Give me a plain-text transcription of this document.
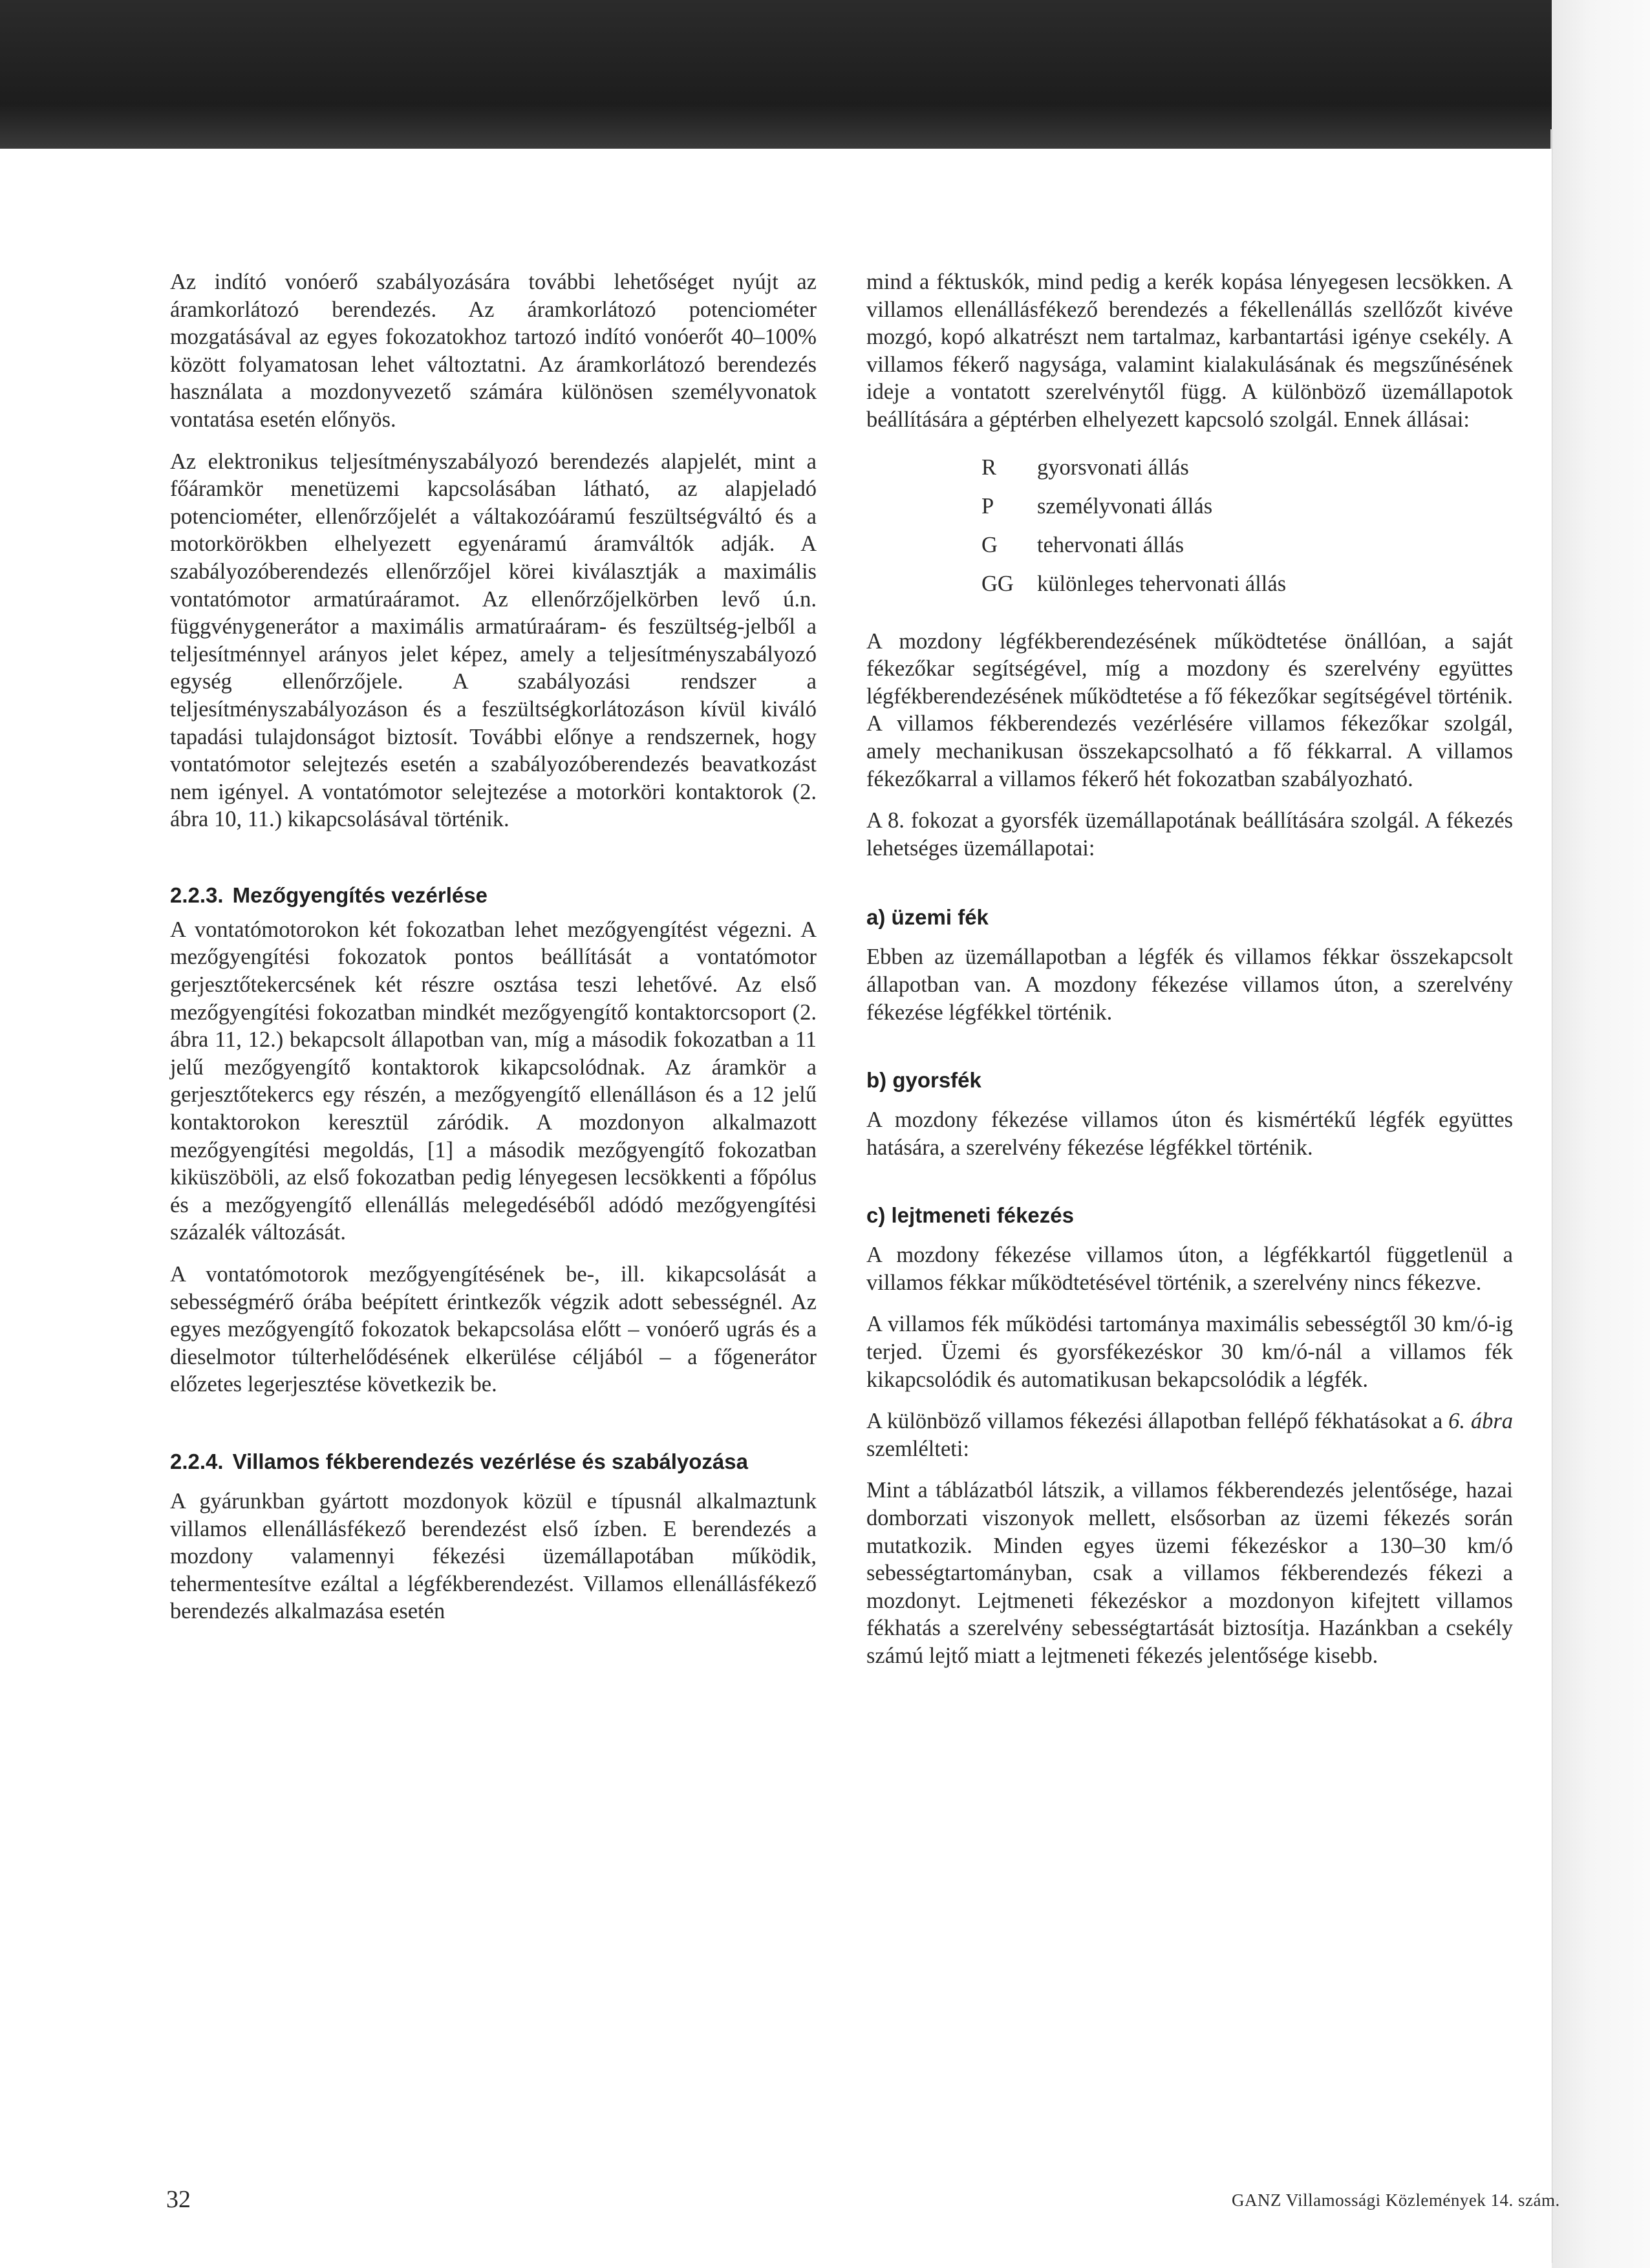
Az indító vonóerő szabályozására további lehetőséget nyújt az áramkorlátozó berendezés. Az áramkorlátozó potenciométer mozgatásával az egyes fokozatokhoz tartozó indító vonóerőt 40–100% között folyamatosan lehet változtatni. Az áramkorlátozó berendezés használata a mozdonyvezető számára különösen személyvonatok vontatása esetén előnyös.

Az elektronikus teljesítményszabályozó berendezés alapjelét, mint a főáramkör menetüzemi kapcsolásában látható, az alapjeladó potenciométer, ellenőrzőjelét a váltakozóáramú feszültségváltó és a motorkörökben elhelyezett egyenáramú áramváltók adják. A szabályozóberendezés ellenőrzőjel körei kiválasztják a maximális vontatómotor armatúraáramot. Az ellenőrzőjelkörben levő ú.n. függvénygenerátor a maximális armatúraáram- és feszültség-jelből a teljesítménnyel arányos jelet képez, amely a teljesítményszabályozó egység ellenőrzőjele. A szabályozási rendszer a teljesítményszabályozáson és a feszültségkorlátozáson kívül kiváló tapadási tulajdonságot biztosít. További előnye a rendszernek, hogy vontatómotor selejtezés esetén a szabályozóberendezés beavatkozást nem igényel. A vontatómotor selejtezése a motorköri kontaktorok (2. ábra 10, 11.) kikapcsolásával történik.

2.2.3. Mezőgyengítés vezérlése

A vontatómotorokon két fokozatban lehet mezőgyengítést végezni. A mezőgyengítési fokozatok pontos beállítását a vontatómotor gerjesztőtekercsének két részre osztása teszi lehetővé. Az első mezőgyengítési fokozatban mindkét mezőgyengítő kontaktorcsoport (2. ábra 11, 12.) bekapcsolt állapotban van, míg a második fokozatban a 11 jelű mezőgyengítő kontaktorok kikapcsolódnak. Az áramkör a gerjesztőtekercs egy részén, a mezőgyengítő ellenálláson és a 12 jelű kontaktorokon keresztül záródik. A mozdonyon alkalmazott mezőgyengítési megoldás, [1] a második mezőgyengítő fokozatban kiküszöböli, az első fokozatban pedig lényegesen lecsökkenti a főpólus és a mezőgyengítő ellenállás melegedéséből adódó mezőgyengítési százalék változását.

A vontatómotorok mezőgyengítésének be-, ill. kikapcsolását a sebességmérő órába beépített érintkezők végzik adott sebességnél. Az egyes mezőgyengítő fokozatok bekapcsolása előtt – vonóerő ugrás és a dieselmotor túlterhelődésének elkerülése céljából – a főgenerátor előzetes legerjesztése következik be.

2.2.4. Villamos fékberendezés vezérlése és szabályozása

A gyárunkban gyártott mozdonyok közül e típusnál alkalmaztunk villamos ellenállásfékező berendezést első ízben. E berendezés a mozdony valamennyi fékezési üzemállapotában működik, tehermentesítve ezáltal a légfékberendezést. Villamos ellenállásfékező berendezés alkalmazása esetén

mind a féktuskók, mind pedig a kerék kopása lényegesen lecsökken. A villamos ellenállásfékező berendezés a fékellenállás szellőzőt kivéve mozgó, kopó alkatrészt nem tartalmaz, karbantartási igénye csekély. A villamos fékerő nagysága, valamint kialakulásának és megszűnésének ideje a vontatott szerelvénytől függ. A különböző üzemállapotok beállítására a géptérben elhelyezett kapcsoló szolgál. Ennek állásai:

R	gyorsvonati állás
P	személyvonati állás
G	tehervonati állás
GG	különleges tehervonati állás

A mozdony légfékberendezésének működtetése önállóan, a saját fékezőkar segítségével, míg a mozdony és szerelvény együttes légfékberendezésének működtetése a fő fékezőkar segítségével történik. A villamos fékberendezés vezérlésére villamos fékezőkar szolgál, amely mechanikusan összekapcsolható a fő fékkarral. A villamos fékezőkarral a villamos fékerő hét fokozatban szabályozható.

A 8. fokozat a gyorsfék üzemállapotának beállítására szolgál. A fékezés lehetséges üzemállapotai:

a) üzemi fék

Ebben az üzemállapotban a légfék és villamos fékkar összekapcsolt állapotban van. A mozdony fékezése villamos úton, a szerelvény fékezése légfékkel történik.

b) gyorsfék

A mozdony fékezése villamos úton és kismértékű légfék együttes hatására, a szerelvény fékezése légfékkel történik.

c) lejtmeneti fékezés

A mozdony fékezése villamos úton, a légfékkartól függetlenül a villamos fékkar működtetésével történik, a szerelvény nincs fékezve.

A villamos fék működési tartománya maximális sebességtől 30 km/ó-ig terjed. Üzemi és gyorsfékezéskor 30 km/ó-nál a villamos fék kikapcsolódik és automatikusan bekapcsolódik a légfék.

A különböző villamos fékezési állapotban fellépő fékhatásokat a 6. ábra szemlélteti:

Mint a táblázatból látszik, a villamos fékberendezés jelentősége, hazai domborzati viszonyok mellett, elsősorban az üzemi fékezés során mutatkozik. Minden egyes üzemi fékezéskor a 130–30 km/ó sebességtartományban, csak a villamos fékberendezés fékezi a mozdonyt. Lejtmeneti fékezéskor a mozdonyon kifejtett villamos fékhatás a szerelvény sebességtartását biztosítja. Hazánkban a csekély számú lejtő miatt a lejtmeneti fékezés jelentősége kisebb.

32	GANZ Villamossági Közlemények 14. szám.
